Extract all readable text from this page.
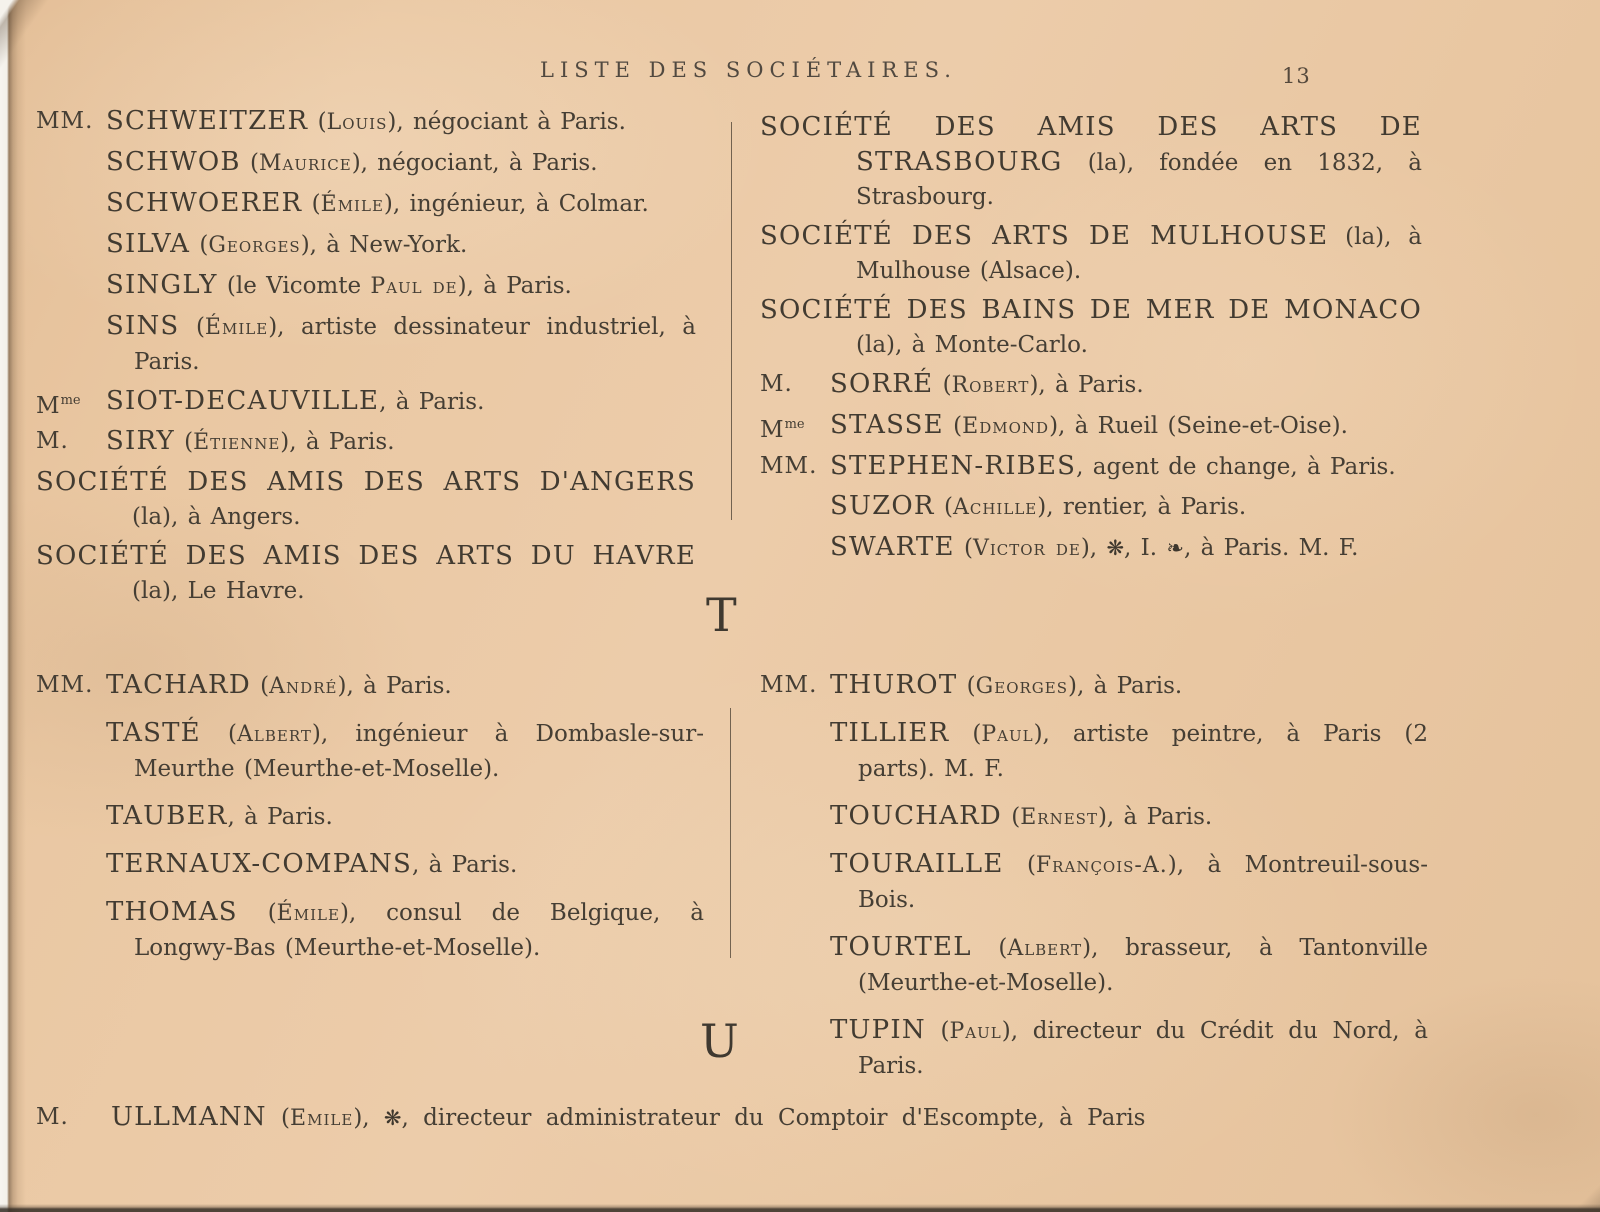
LISTE DES SOCIÉTAIRES.	13
MM. SCHWEITZER (Louis), négociant à Paris.
SCHWOB (Maurice), négociant, à Paris.
SCHWOERER (Émile), ingénieur, à Colmar.
SILVA (Georges), à New-York.
SINGLY (le Vicomte Paul de), à Paris.
SINS (Émile), artiste dessinateur industriel, à Paris.
$M^{me}$ SIOT-DECAUVILLE, à Paris.
M. SIRY (Étienne), à Paris.
SOCIÉTÉ DES AMIS DES ARTS D'ANGERS (la), à Angers.
SOCIÉTÉ DES AMIS DES ARTS DU HAVRE (la), Le Havre.
SOCIÉTÉ DES AMIS DES ARTS DE STRASBOURG (la), fondée en 1832, à Strasbourg.
SOCIÉTÉ DES ARTS DE MULHOUSE (la), à Mulhouse (Alsace).
SOCIÉTÉ DES BAINS DE MER DE MONACO (la), à Monte-Carlo.
M. SORRÉ (Robert), à Paris.
$M^{me}$ STASSE (Edmond), à Rueil (Seine-et-Oise).
MM. STEPHEN-RIBES, agent de change, à Paris.
SUZOR (Achille), rentier, à Paris.
SWARTE (Victor de), ❋, I. ❧, à Paris. M. F.
T
MM. TACHARD (André), à Paris.
TASTÉ (Albert), ingénieur à Dombasle-sur-Meurthe (Meurthe-et-Moselle).
TAUBER, à Paris.
TERNAUX-COMPANS, à Paris.
THOMAS (Émile), consul de Belgique, à Longwy-Bas (Meurthe-et-Moselle).
MM. THUROT (Georges), à Paris.
TILLIER (Paul), artiste peintre, à Paris (2 parts). M. F.
TOUCHARD (Ernest), à Paris.
TOURAILLE (François-A.), à Montreuil-sous-Bois.
TOURTEL (Albert), brasseur, à Tantonville (Meurthe-et-Moselle).
TUPIN (Paul), directeur du Crédit du Nord, à Paris.
U
M. ULLMANN (Emile), ❋, directeur administrateur du Comptoir d'Escompte, à Paris
